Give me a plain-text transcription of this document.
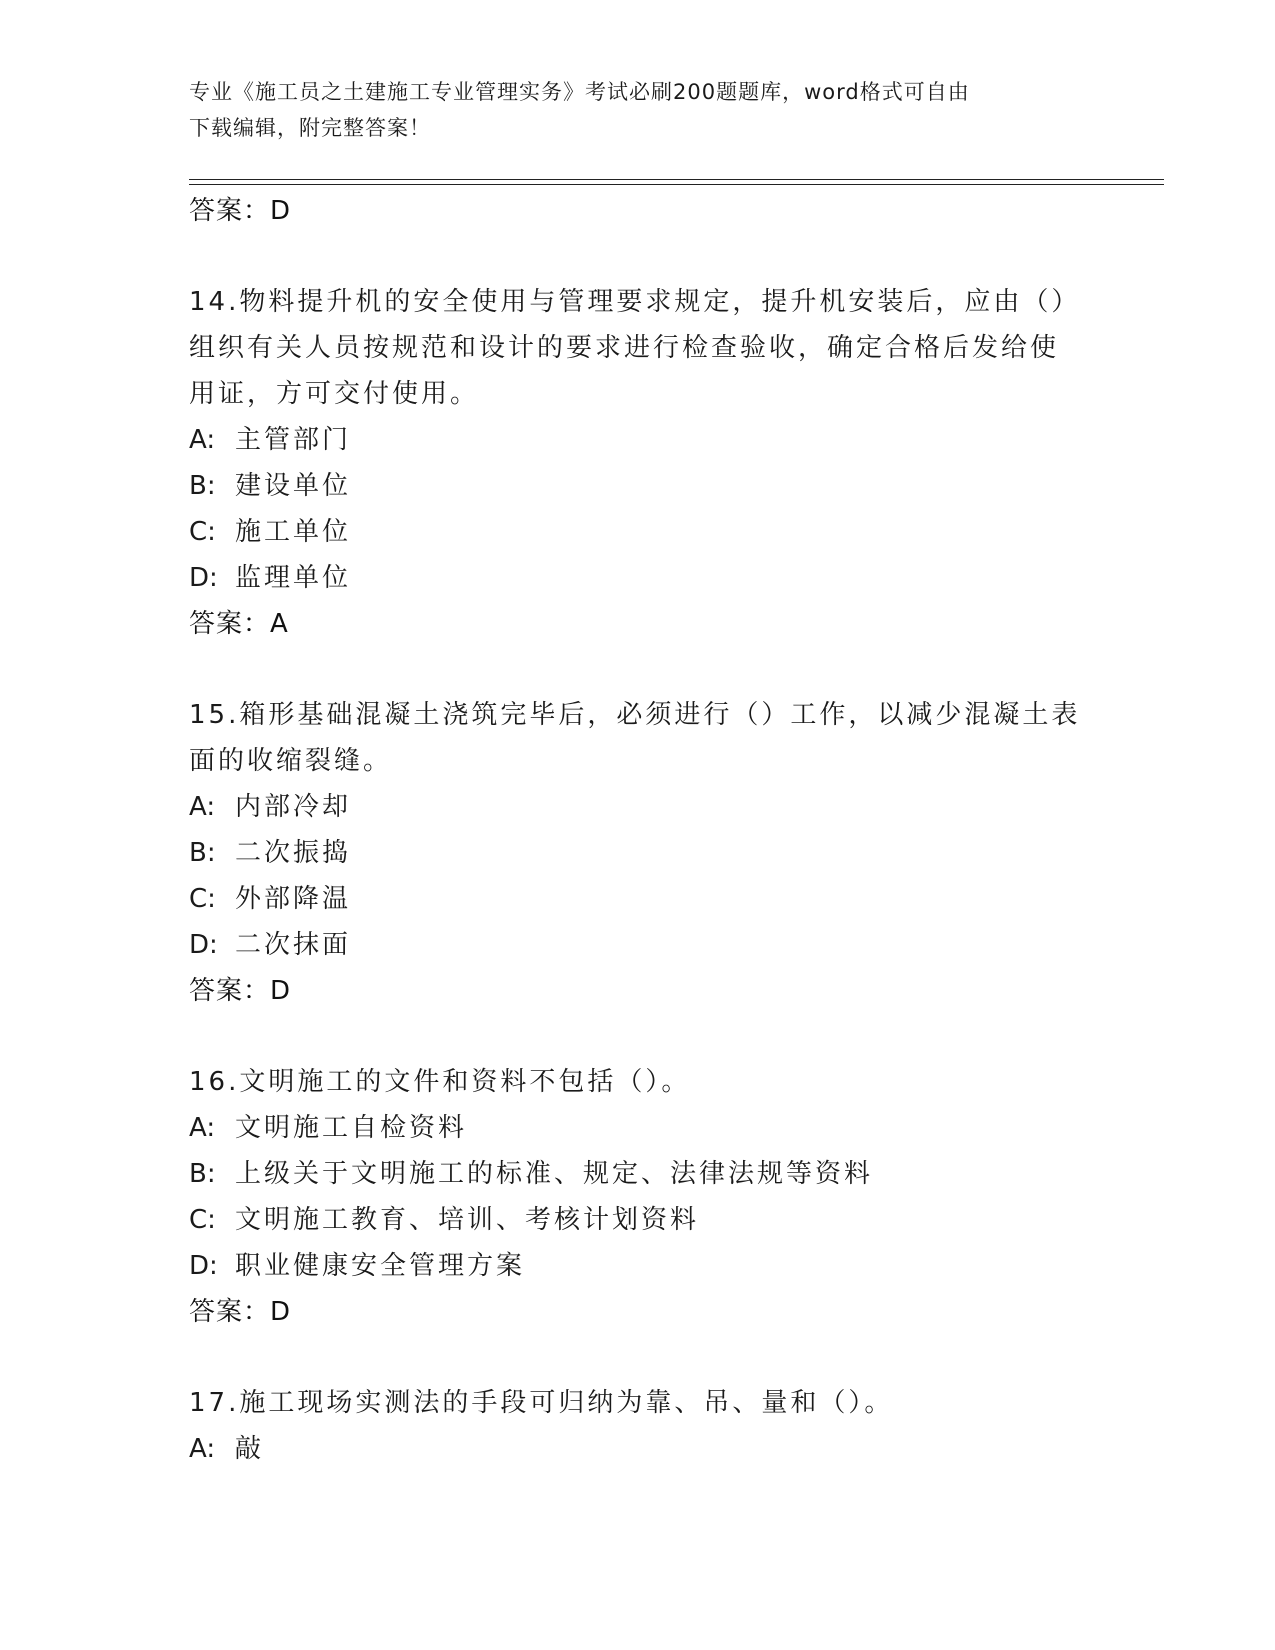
专业《施工员之土建施工专业管理实务》考试必刷200题题库，word格式可自由
下载编辑，附完整答案！
答案：D
14.物料提升机的安全使用与管理要求规定，提升机安装后，应由（）
组织有关人员按规范和设计的要求进行检查验收，确定合格后发给使
用证，方可交付使用。
A: 主管部门
B: 建设单位
C: 施工单位
D: 监理单位
答案：A
15.箱形基础混凝土浇筑完毕后，必须进行（）工作，以减少混凝土表
面的收缩裂缝。
A: 内部冷却
B: 二次振捣
C: 外部降温
D: 二次抹面
答案：D
16.文明施工的文件和资料不包括（）。
A: 文明施工自检资料
B: 上级关于文明施工的标准、规定、法律法规等资料
C: 文明施工教育、培训、考核计划资料
D: 职业健康安全管理方案
答案：D
17.施工现场实测法的手段可归纳为靠、吊、量和（）。
A: 敲
